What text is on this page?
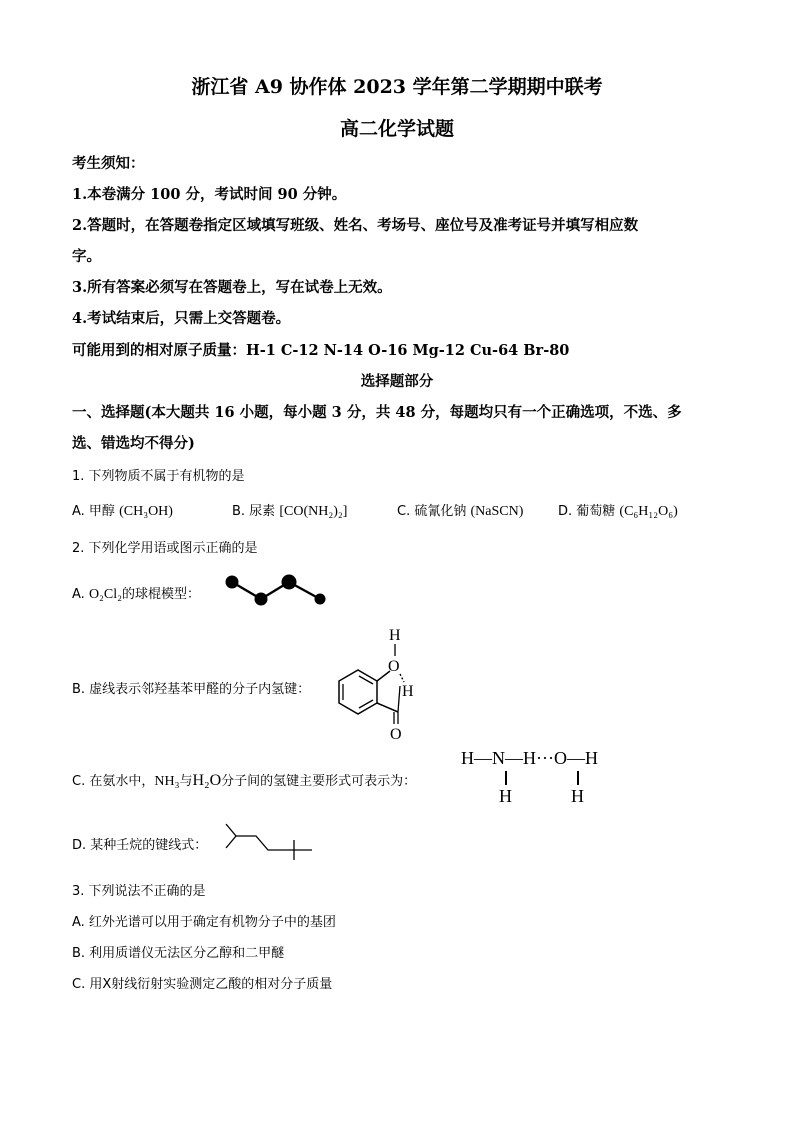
浙江省 A9 协作体 2023 学年第二学期期中联考
高二化学试题
考生须知：
1.本卷满分 100 分，考试时间 90 分钟。
2.答题时，在答题卷指定区域填写班级、姓名、考场号、座位号及准考证号并填写相应数
字。
3.所有答案必须写在答题卷上，写在试卷上无效。
4.考试结束后，只需上交答题卷。
可能用到的相对原子质量：H-1 C-12 N-14 O-16 Mg-12 Cu-64 Br-80
选择题部分
一、选择题(本大题共 16 小题，每小题 3 分，共 48 分，每题均只有一个正确选项，不选、多
选、错选均不得分)
1. 下列物质不属于有机物的是
A. 甲醇 (CH₃OH)	B. 尿素 [CO(NH₂)₂]	C. 硫氰化钠 (NaSCN)	D. 葡萄糖 (C₆H₁₂O₆)
2. 下列化学用语或图示正确的是
A. O₂Cl₂的球棍模型：
B. 虚线表示邻羟基苯甲醛的分子内氢键：
H
O
H
O
C. 在氨水中，NH₃与H₂O分子间的氢键主要形式可表示为：
H—N—H···O—H
H	H
D. 某种壬烷的键线式：
3. 下列说法不正确的是
A. 红外光谱可以用于确定有机物分子中的基团
B. 利用质谱仪无法区分乙醇和二甲醚
C. 用X射线衍射实验测定乙酸的相对分子质量
